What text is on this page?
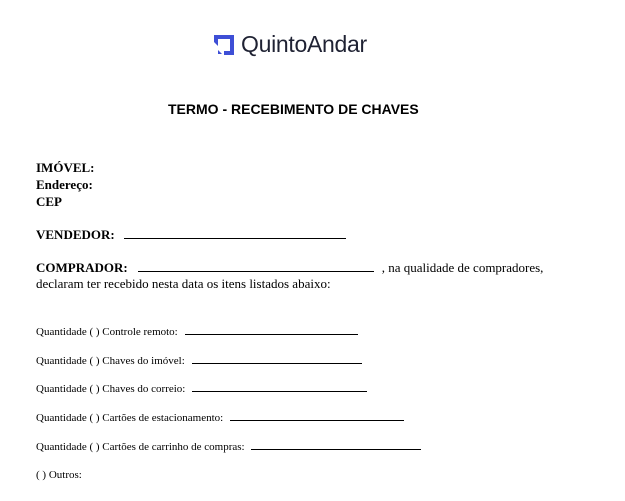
QuintoAndar
TERMO - RECEBIMENTO DE CHAVES
IMÓVEL:
Endereço:
CEP
VENDEDOR:
COMPRADOR:	, na qualidade de compradores,
declaram ter recebido nesta data os itens listados abaixo:
Quantidade ( ) Controle remoto:
Quantidade ( ) Chaves do imóvel:
Quantidade ( ) Chaves do correio:
Quantidade ( ) Cartões de estacionamento:
Quantidade ( ) Cartões de carrinho de compras:
( ) Outros:
